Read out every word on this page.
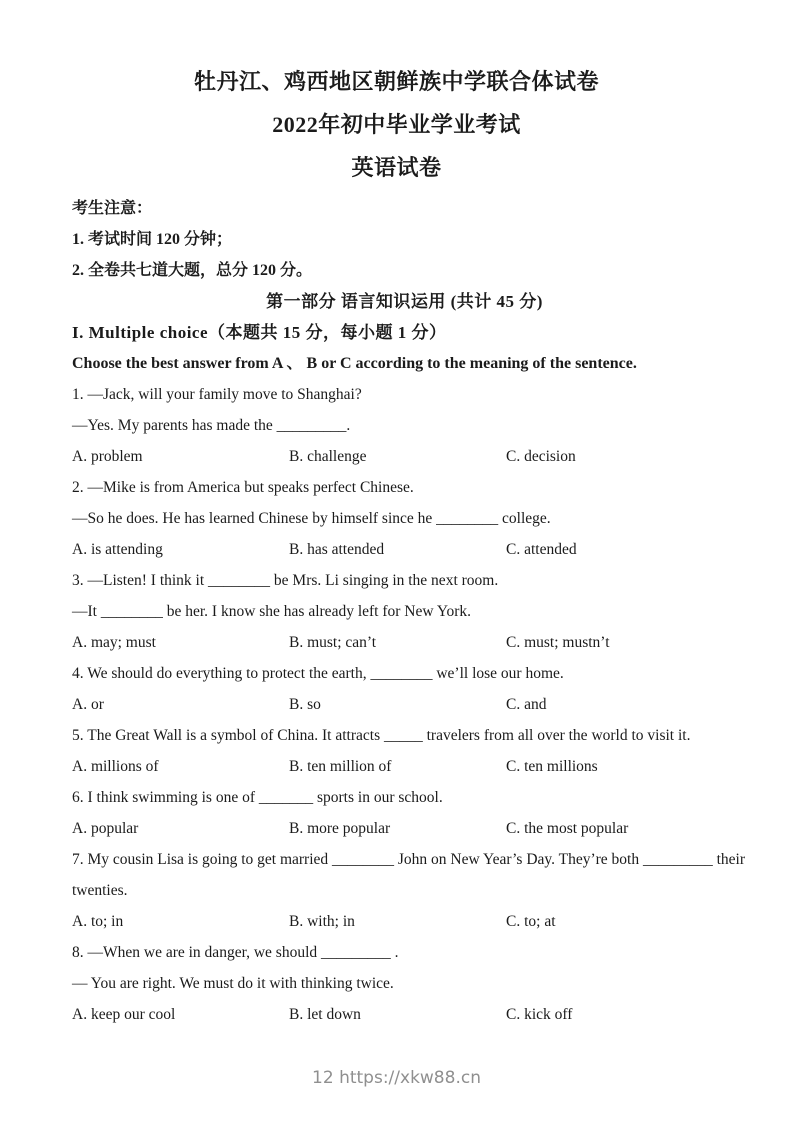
牡丹江、鸡西地区朝鲜族中学联合体试卷
2022年初中毕业学业考试
英语试卷
考生注意：
1. 考试时间 120 分钟；
2. 全卷共七道大题，总分 120 分。
第一部分 语言知识运用 (共计 45 分)
I. Multiple choice（本题共 15 分，每小题 1 分）
Choose the best answer from A 、 B or C according to the meaning of the sentence.
1. —Jack, will your family move to Shanghai?
—Yes. My parents has made the _________.
A. problem	B. challenge	C. decision
2. —Mike is from America but speaks perfect Chinese.
—So he does. He has learned Chinese by himself since he ________ college.
A. is attending	B. has attended	C. attended
3. —Listen! I think it ________ be Mrs. Li singing in the next room.
—It ________ be her. I know she has already left for New York.
A. may; must	B. must; can’t	C. must; mustn’t
4. We should do everything to protect the earth, ________ we’ll lose our home.
A. or	B. so	C. and
5. The Great Wall is a symbol of China. It attracts _____ travelers from all over the world to visit it.
A. millions of	B. ten million of	C. ten millions
6. I think swimming is one of _______ sports in our school.
A. popular	B. more popular	C. the most popular
7. My cousin Lisa is going to get married ________ John on New Year’s Day. They’re both _________ their
twenties.
A. to; in	B. with; in	C. to; at
8. —When we are in danger, we should _________ .
— You are right. We must do it with thinking twice.
A. keep our cool	B. let down	C. kick off
12 https://xkw88.cn
